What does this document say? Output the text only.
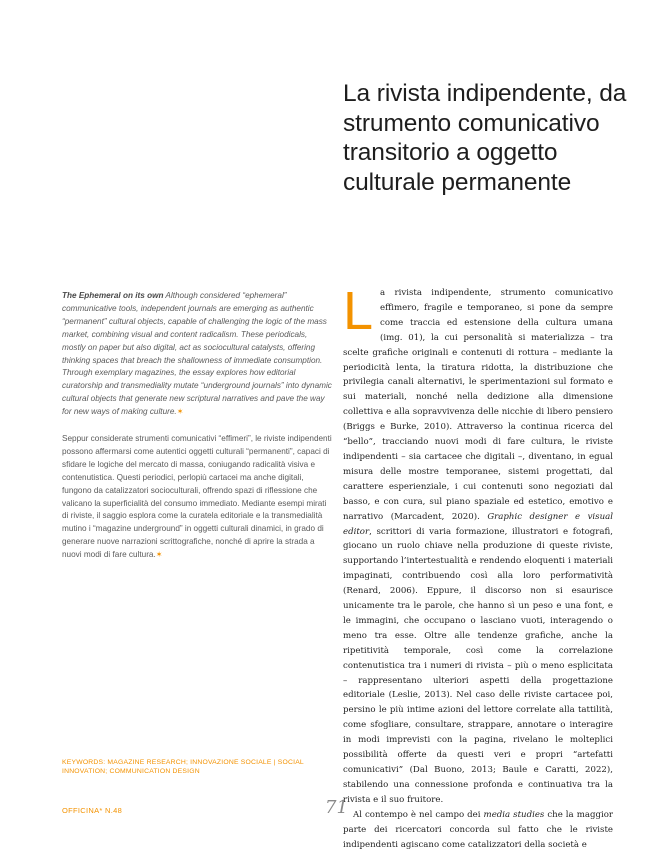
La rivista indipendente, da strumento comunicativo transitorio a oggetto culturale permanente

The Ephemeral on its own Although considered “ephemeral” communicative tools, independent journals are emerging as authentic “permanent” cultural objects, capable of challenging the logic of the mass market, combining visual and content radicalism. These periodicals, mostly on paper but also digital, act as sociocultural catalysts, offering thinking spaces that breach the shallowness of immediate consumption. Through exemplary magazines, the essay explores how editorial curatorship and transmediality mutate “underground journals” into dynamic cultural objects that generate new scriptural narratives and pave the way for new ways of making culture.✶

Seppur considerate strumenti comunicativi “effimeri”, le riviste indipendenti possono affermarsi come autentici oggetti culturali “permanenti”, capaci di sfidare le logiche del mercato di massa, coniugando radicalità visiva e contenutistica. Questi periodici, perlopiù cartacei ma anche digitali, fungono da catalizzatori socioculturali, offrendo spazi di riflessione che valicano la superficialità del consumo immediato. Mediante esempi mirati di riviste, il saggio esplora come la curatela editoriale e la transmedialità mutino i “magazine underground” in oggetti culturali dinamici, in grado di generare nuove narrazioni scrittografiche, nonché di aprire la strada a nuovi modi di fare cultura.✶

La rivista indipendente, strumento comunicativo effimero, fragile e temporaneo, si pone da sempre come traccia ed estensione della cultura umana (img. 01), la cui personalità si materializza – tra scelte grafiche originali e contenuti di rottura – mediante la periodicità lenta, la tiratura ridotta, la distribuzione che privilegia canali alternativi, le sperimentazioni sul formato e sui materiali, nonché nella dedizione alla dimensione collettiva e alla sopravvivenza delle nicchie di libero pensiero (Briggs e Burke, 2010). Attraverso la continua ricerca del “bello”, tracciando nuovi modi di fare cultura, le riviste indipendenti – sia cartacee che digitali –, diventano, in egual misura delle mostre temporanee, sistemi progettati, dal carattere esperienziale, i cui contenuti sono negoziati dal basso, e con cura, sul piano spaziale ed estetico, emotivo e narrativo (Marcadent, 2020). Graphic designer e visual editor, scrittori di varia formazione, illustratori e fotografi, giocano un ruolo chiave nella produzione di queste riviste, supportando l’intertestualità e rendendo eloquenti i materiali impaginati, contribuendo così alla loro performatività (Renard, 2006). Eppure, il discorso non si esaurisce unicamente tra le parole, che hanno sì un peso e una font, e le immagini, che occupano o lasciano vuoti, interagendo o meno tra esse. Oltre alle tendenze grafiche, anche la ripetitività temporale, così come la correlazione contenutistica tra i numeri di rivista – più o meno esplicitata – rappresentano ulteriori aspetti della progettazione editoriale (Leslie, 2013). Nel caso delle riviste cartacee poi, persino le più intime azioni del lettore correlate alla tattilità, come sfogliare, consultare, strappare, annotare o interagire in modi imprevisti con la pagina, rivelano le molteplici possibilità offerte da questi veri e propri “artefatti comunicativi” (Dal Buono, 2013; Baule e Caratti, 2022), stabilendo una connessione profonda e continuativa tra la rivista e il suo fruitore.

Al contempo è nel campo dei media studies che la maggior parte dei ricercatori concorda sul fatto che le riviste indipendenti agiscano come catalizzatori della società e

KEYWORDS: MAGAZINE RESEARCH; INNOVAZIONE SOCIALE | SOCIAL INNOVATION; COMMUNICATION DESIGN

OFFICINA* N.48	71
